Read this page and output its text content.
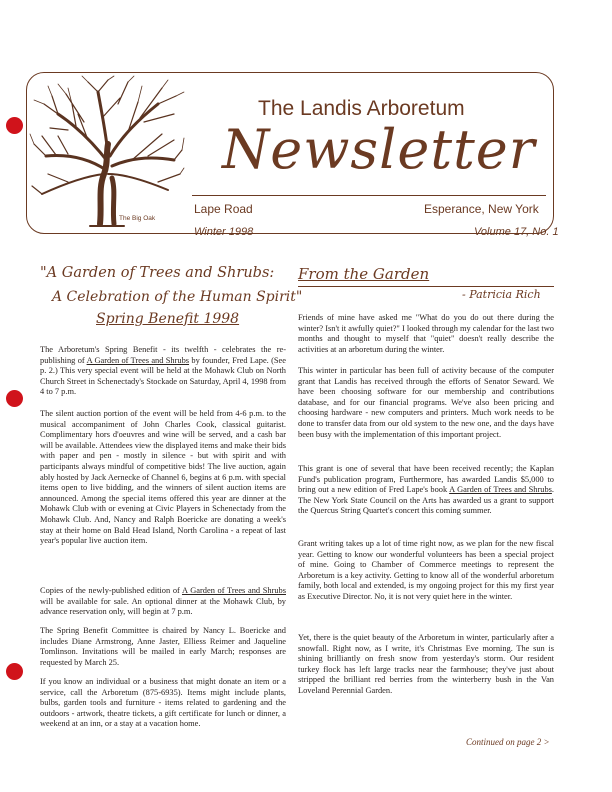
The Big Oak
The Landis Arboretum
Newsletter
Lape Road	Esperance, New York
Winter 1998	Volume 17, No. 1
"A Garden of Trees and Shrubs:
A Celebration of the Human Spirit"
Spring Benefit 1998
The Arboretum's Spring Benefit - its twelfth - celebrates the re-publishing of A Garden of Trees and Shrubs by founder, Fred Lape. (See p. 2.) This very special event will be held at the Mohawk Club on North Church Street in Schenectady's Stockade on Saturday, April 4, 1998 from 4 to 7 p.m.
The silent auction portion of the event will be held from 4-6 p.m. to the musical accompaniment of John Charles Cook, classical guitarist. Complimentary hors d'oeuvres and wine will be served, and a cash bar will be available. Attendees view the displayed items and make their bids with paper and pen - mostly in silence - but with spirit and with participants always mindful of competitive bids! The live auction, again ably hosted by Jack Aernecke of Channel 6, begins at 6 p.m. with special items open to live bidding, and the winners of silent auction items are announced. Among the special items offered this year are dinner at the Mohawk Club with or evening at Civic Players in Schenectady from the Mohawk Club. And, Nancy and Ralph Boericke are donating a week's stay at their home on Bald Head Island, North Carolina - a repeat of last year's popular live auction item.
Copies of the newly-published edition of A Garden of Trees and Shrubs will be available for sale. An optional dinner at the Mohawk Club, by advance reservation only, will begin at 7 p.m.
The Spring Benefit Committee is chaired by Nancy L. Boericke and includes Diane Armstrong, Anne Jaster, Elliess Reimer and Jaqueline Tomlinson. Invitations will be mailed in early March; responses are requested by March 25.
If you know an individual or a business that might donate an item or a service, call the Arboretum (875-6935). Items might include plants, bulbs, garden tools and furniture - items related to gardening and the outdoors - artwork, theatre tickets, a gift certificate for lunch or dinner, a weekend at an inn, or a stay at a vacation home.
From the Garden
- Patricia Rich
Friends of mine have asked me "What do you do out there during the winter? Isn't it awfully quiet?" I looked through my calendar for the last two months and thought to myself that "quiet" doesn't really describe the activities at an arboretum during the winter.
This winter in particular has been full of activity because of the computer grant that Landis has received through the efforts of Senator Seward. We have been choosing software for our membership and contributions database, and for our financial programs. We've also been pricing and choosing hardware - new computers and printers. Much work needs to be done to transfer data from our old system to the new one, and the days have been busy with the implementation of this important project.
This grant is one of several that have been received recently; the Kaplan Fund's publication program, Furthermore, has awarded Landis $5,000 to bring out a new edition of Fred Lape's book A Garden of Trees and Shrubs. The New York State Council on the Arts has awarded us a grant to support the Quercus String Quartet's concert this coming summer.
Grant writing takes up a lot of time right now, as we plan for the new fiscal year. Getting to know our wonderful volunteers has been a special project of mine. Going to Chamber of Commerce meetings to represent the Arboretum is a key activity. Getting to know all of the wonderful arboretum family, both local and extended, is my ongoing project for this my first year as Executive Director. No, it is not very quiet here in the winter.
Yet, there is the quiet beauty of the Arboretum in winter, particularly after a snowfall. Right now, as I write, it's Christmas Eve morning. The sun is shining brilliantly on fresh snow from yesterday's storm. Our resident turkey flock has left large tracks near the farmhouse; they've just about stripped the brilliant red berries from the winterberry bush in the Van Loveland Perennial Garden.
Continued on page 2 >
